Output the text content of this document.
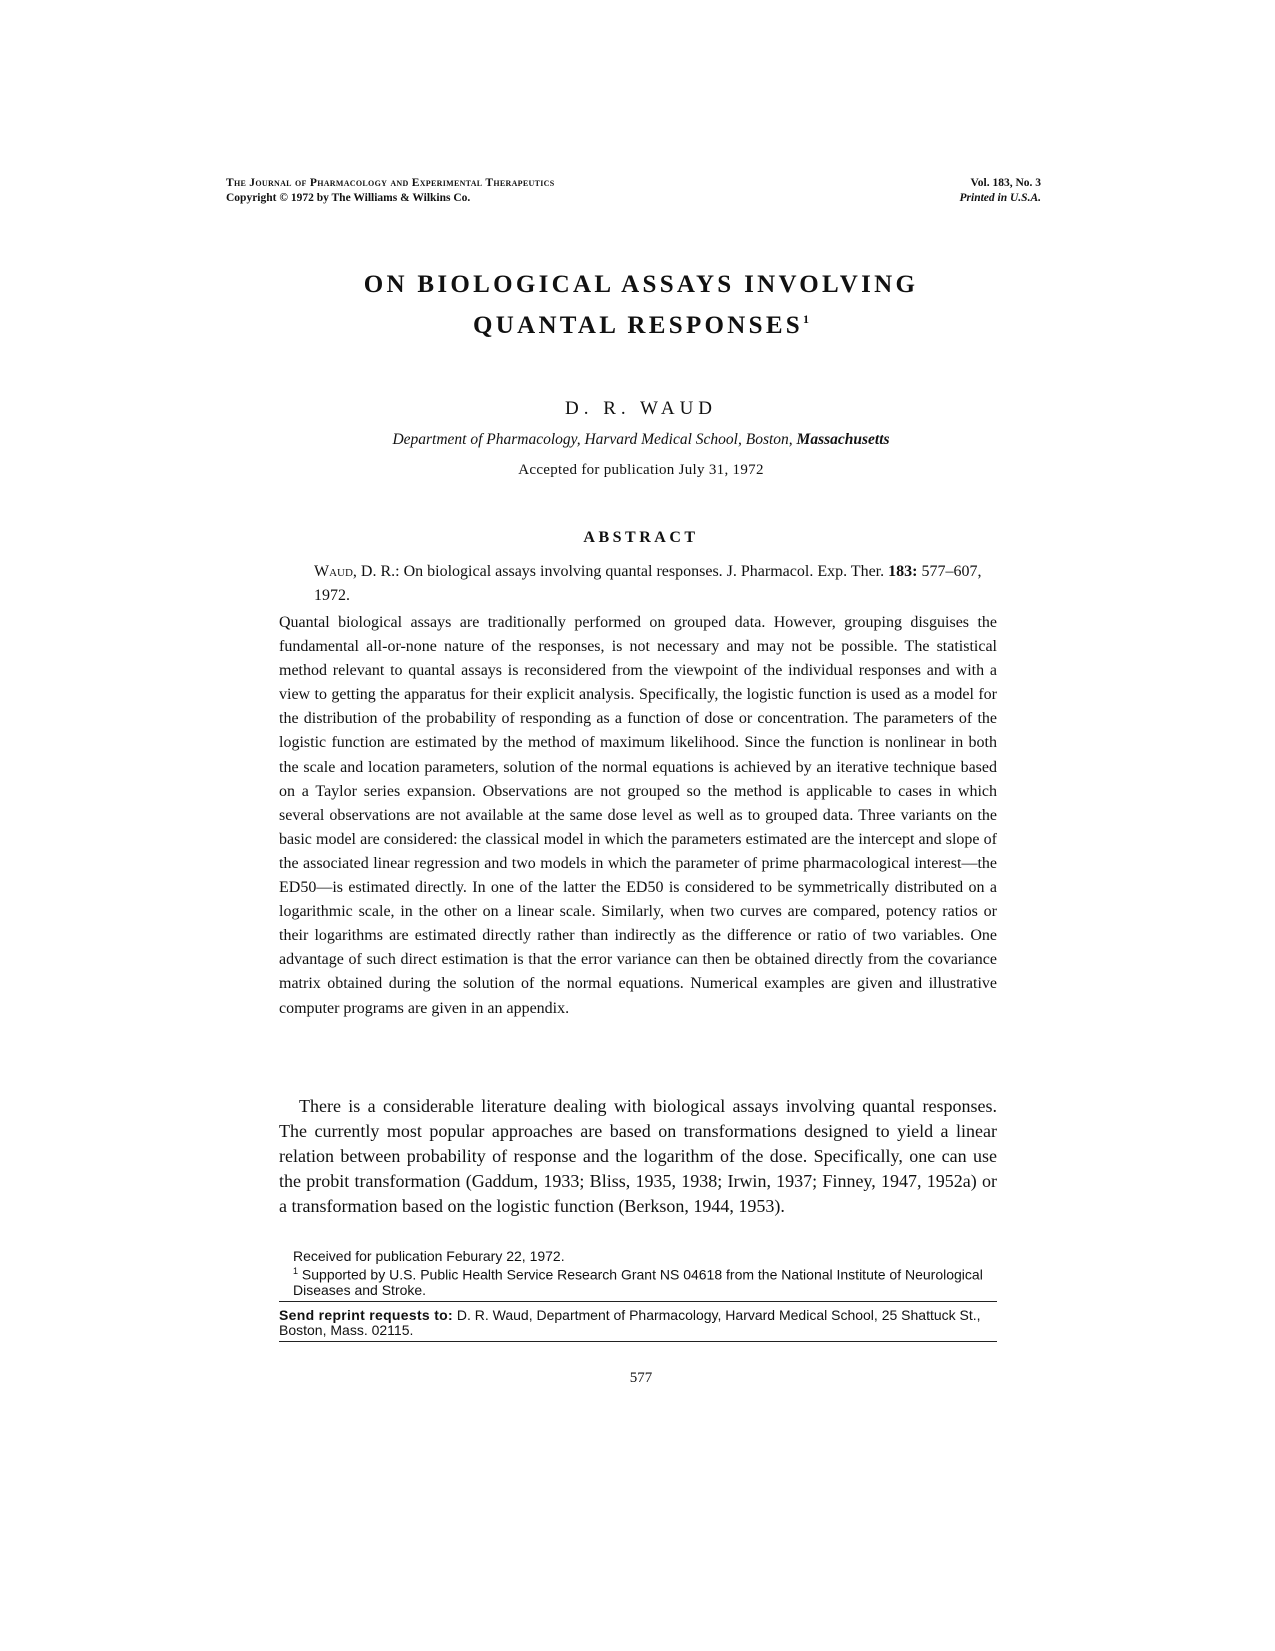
The Journal of Pharmacology and Experimental Therapeutics	Vol. 183, No. 3
Copyright © 1972 by The Williams & Wilkins Co.	Printed in U.S.A.
ON BIOLOGICAL ASSAYS INVOLVING
QUANTAL RESPONSES$^1$
D. R. WAUD
Department of Pharmacology, Harvard Medical School, Boston, Massachusetts
Accepted for publication July 31, 1972
ABSTRACT
Waud, D. R.: On biological assays involving quantal responses. J. Pharmacol. Exp. Ther. 183: 577–607, 1972.
Quantal biological assays are traditionally performed on grouped data. However, grouping disguises the fundamental all-or-none nature of the responses, is not necessary and may not be possible. The statistical method relevant to quantal assays is reconsidered from the viewpoint of the individual responses and with a view to getting the apparatus for their explicit analysis. Specifically, the logistic function is used as a model for the distribution of the probability of responding as a function of dose or concentration. The parameters of the logistic function are estimated by the method of maximum likelihood. Since the function is nonlinear in both the scale and location parameters, solution of the normal equations is achieved by an iterative technique based on a Taylor series expansion. Observations are not grouped so the method is applicable to cases in which several observations are not available at the same dose level as well as to grouped data. Three variants on the basic model are considered: the classical model in which the parameters estimated are the intercept and slope of the associated linear regression and two models in which the parameter of prime pharmacological interest—the ED50—is estimated directly. In one of the latter the ED50 is considered to be symmetrically distributed on a logarithmic scale, in the other on a linear scale. Similarly, when two curves are compared, potency ratios or their logarithms are estimated directly rather than indirectly as the difference or ratio of two variables. One advantage of such direct estimation is that the error variance can then be obtained directly from the covariance matrix obtained during the solution of the normal equations. Numerical examples are given and illustrative computer programs are given in an appendix.
There is a considerable literature dealing with biological assays involving quantal responses. The currently most popular approaches are based on transformations designed to yield a linear relation between probability of response and the logarithm of the dose. Specifically, one can use the probit transformation (Gaddum, 1933; Bliss, 1935, 1938; Irwin, 1937; Finney, 1947, 1952a) or a transformation based on the logistic function (Berkson, 1944, 1953).
Received for publication Feburary 22, 1972.
$^1$ Supported by U.S. Public Health Service Research Grant NS 04618 from the National Institute of Neurological Diseases and Stroke.
Send reprint requests to: D. R. Waud, Department of Pharmacology, Harvard Medical School, 25 Shattuck St., Boston, Mass. 02115.
577
